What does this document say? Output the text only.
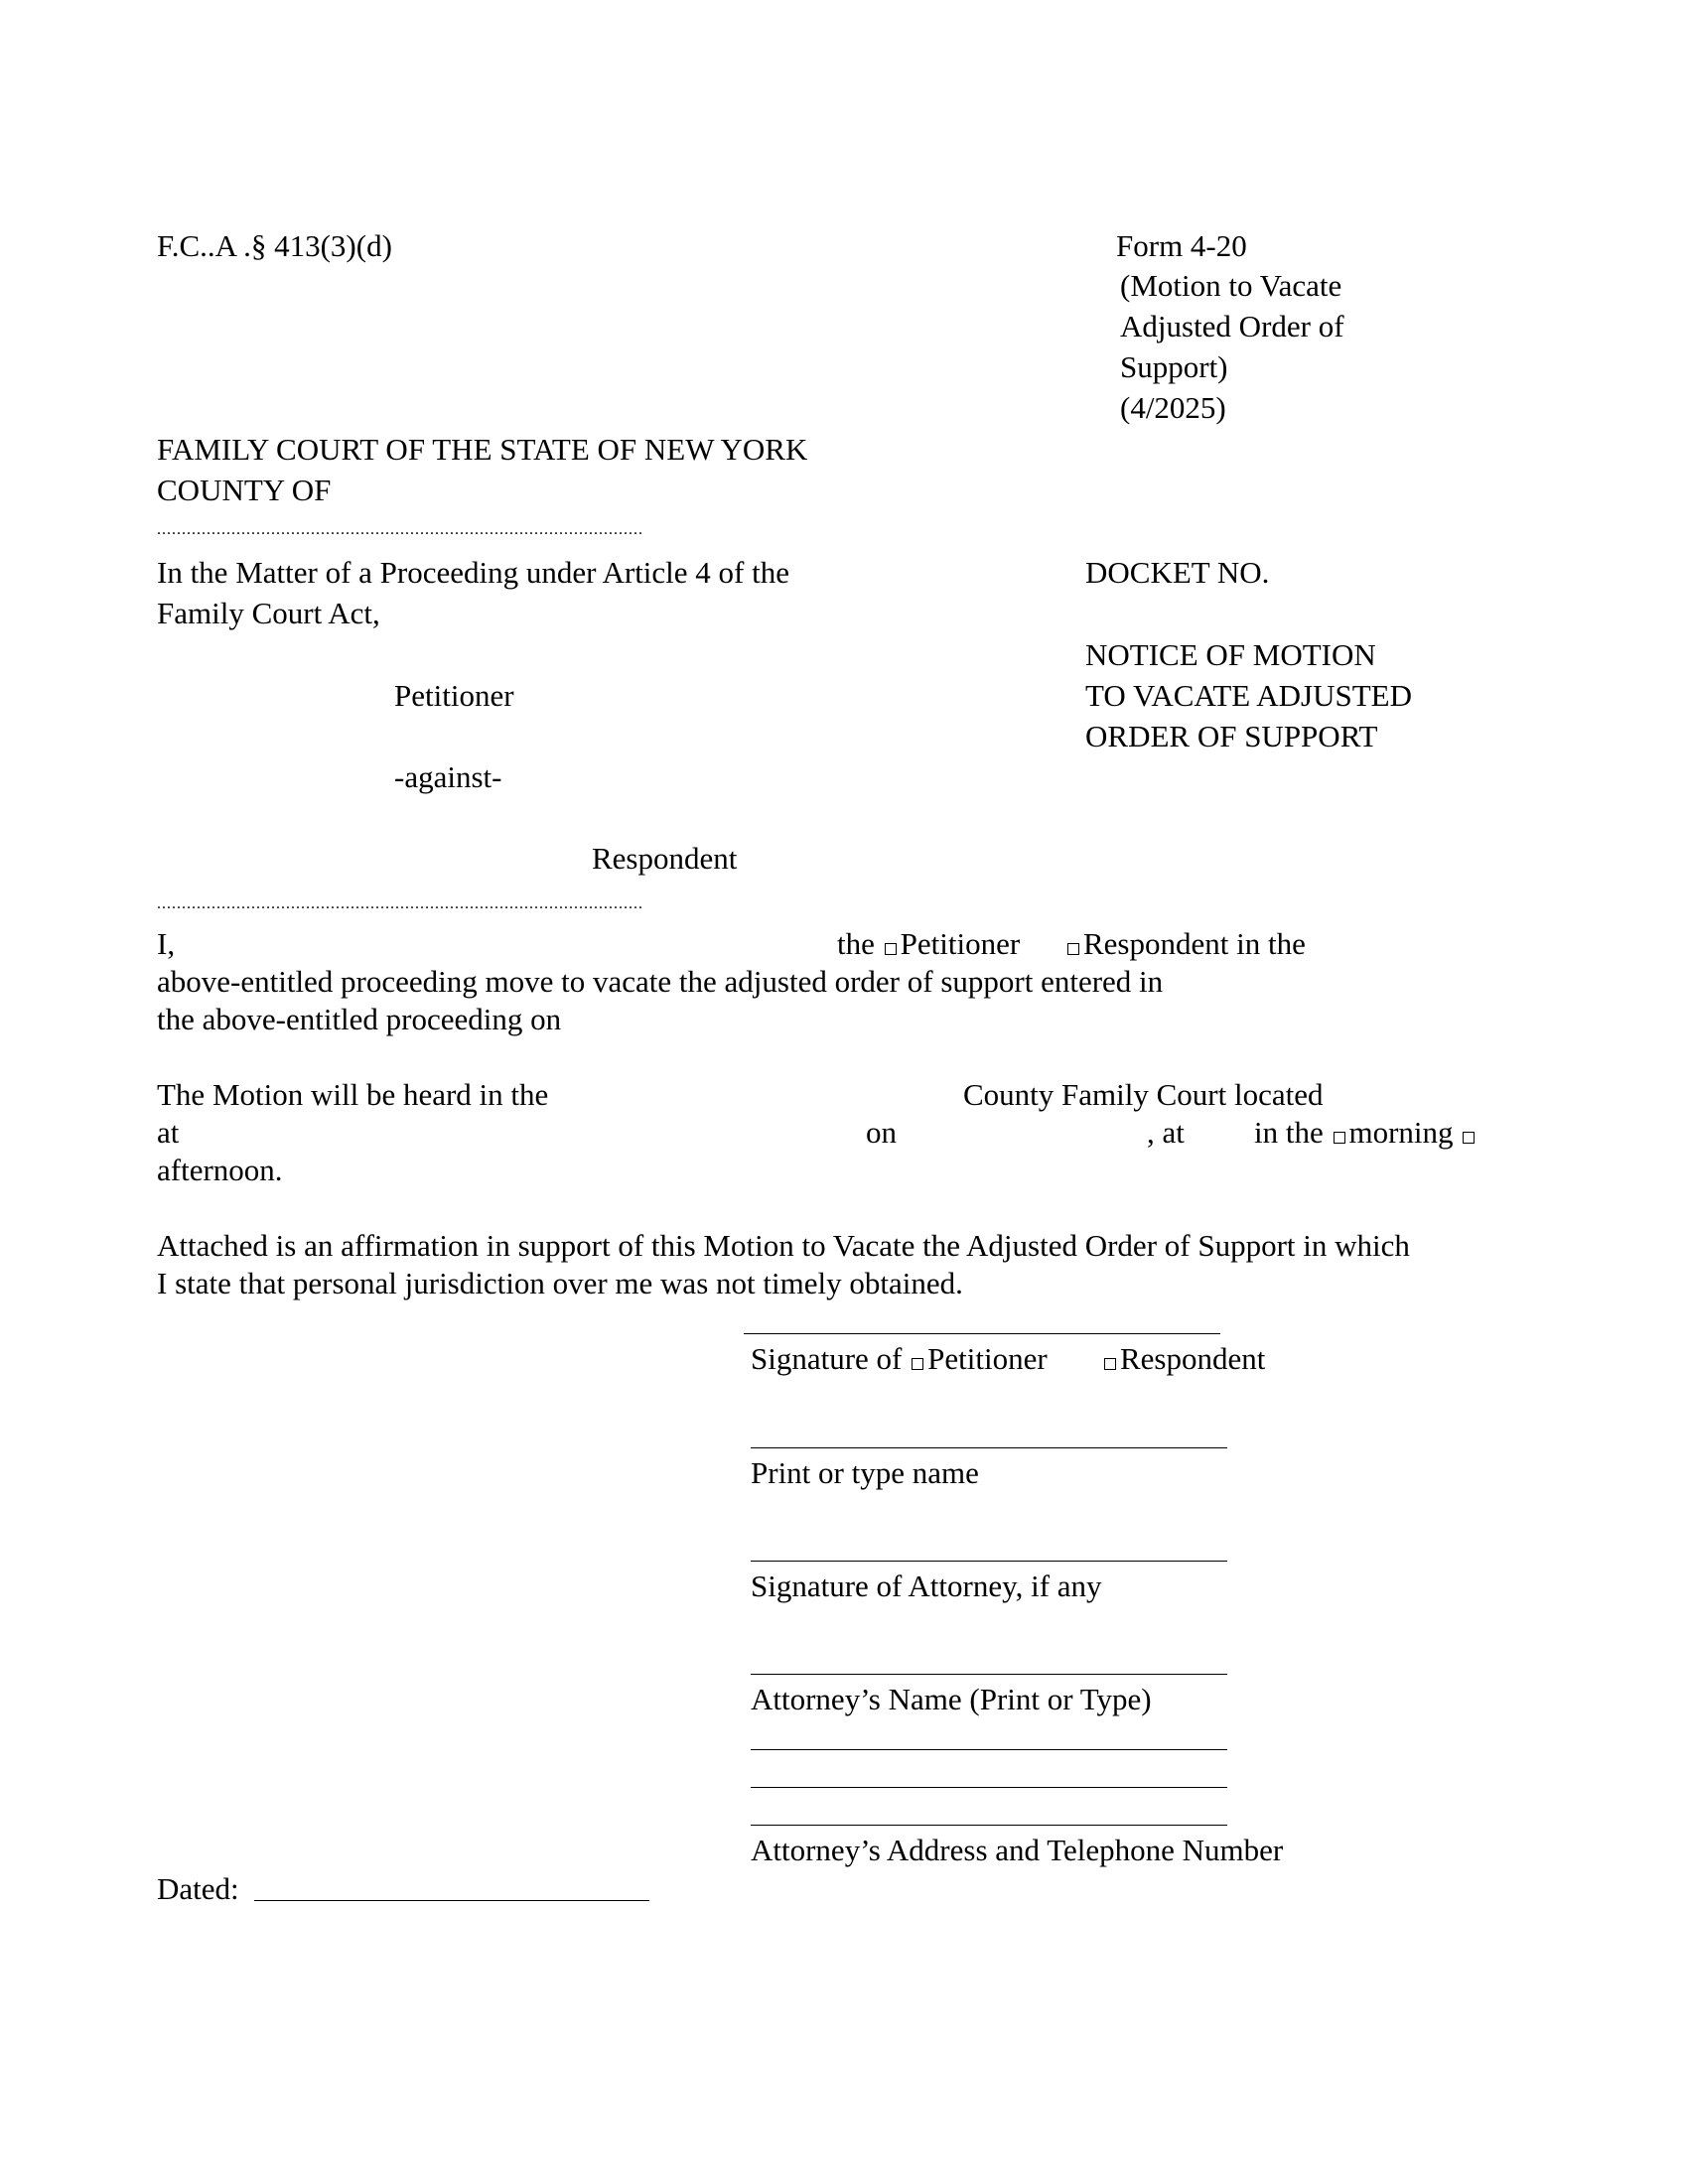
F.C..A .§ 413(3)(d)	Form 4-20
(Motion to Vacate
Adjusted Order of
Support)
(4/2025)
FAMILY COURT OF THE STATE OF NEW YORK
COUNTY OF
..................................................................................................
In the Matter of a Proceeding under Article 4 of the
Family Court Act,
Petitioner
-against-
Respondent
DOCKET NO.
NOTICE OF MOTION
TO VACATE ADJUSTED
ORDER OF SUPPORT
..................................................................................................
I,	the Petitioner	Respondent in the
above-entitled proceeding move to vacate the adjusted order of support entered in
the above-entitled proceeding on
The Motion will be heard in the	County Family Court located
at	on	, at in the morning
afternoon.
Attached is an affirmation in support of this Motion to Vacate the Adjusted Order of Support in which
I state that personal jurisdiction over me was not timely obtained.
Signature of Petitioner	Respondent
Print or type name
Signature of Attorney, if any
Attorney’s Name (Print or Type)
Attorney’s Address and Telephone Number
Dated:
